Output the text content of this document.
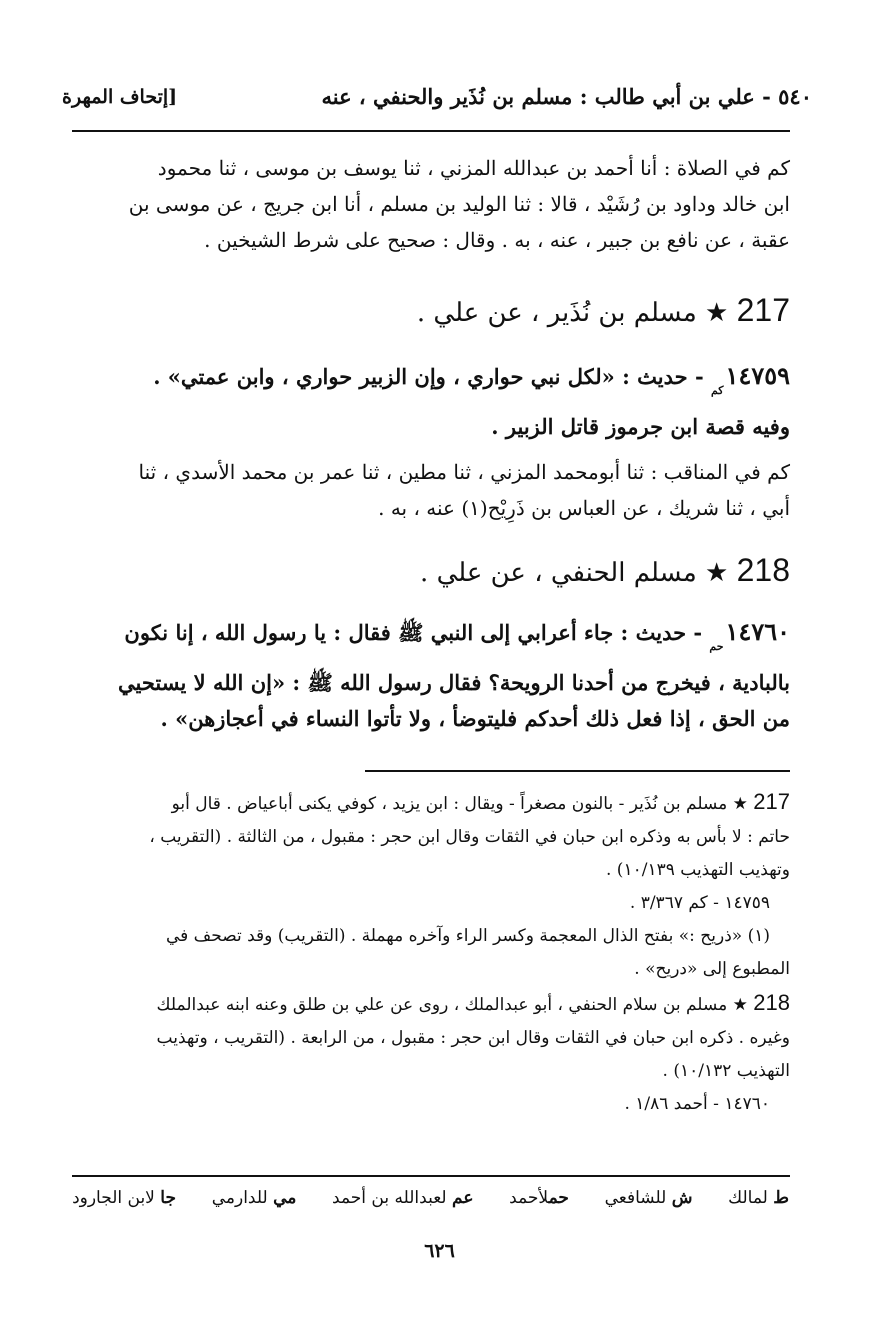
٥٤٠ - علي بن أبي طالب : مسلم بن نُذَير والحنفي ، عنه
[إتحاف المهرة
كم في الصلاة : أنا أحمد بن عبدالله المزني ، ثنا يوسف بن موسى ، ثنا محمود
ابن خالد وداود بن رُشَيْد ، قالا : ثنا الوليد بن مسلم ، أنا ابن جريج ، عن موسى بن
عقبة ، عن نافع بن جبير ، عنه ، به . وقال : صحيح على شرط الشيخين .
217 ★ مسلم بن نُذَير ، عن علي .
$١٤٧٥٩_{كم}$ - حديث : «لكل نبي حواري ، وإن الزبير حواري ، وابن عمتي» .
وفيه قصة ابن جرموز قاتل الزبير .
كم في المناقب : ثنا أبومحمد المزني ، ثنا مطين ، ثنا عمر بن محمد الأسدي ، ثنا
أبي ، ثنا شريك ، عن العباس بن ذَرِيْح(١) عنه ، به .
218 ★ مسلم الحنفي ، عن علي .
$١٤٧٦٠_{حم}$ - حديث : جاء أعرابي إلى النبي ﷺ فقال : يا رسول الله ، إنا نكون
بالبادية ، فيخرج من أحدنا الرويحة؟ فقال رسول الله ﷺ : «إن الله لا يستحيي
من الحق ، إذا فعل ذلك أحدكم فليتوضأ ، ولا تأتوا النساء في أعجازهن» .
217 ★ مسلم بن نُذَير - بالنون مصغراً - ويقال : ابن يزيد ، كوفي يكنى أباعياض . قال أبو
حاتم : لا بأس به وذكره ابن حبان في الثقات وقال ابن حجر : مقبول ، من الثالثة . (التقريب ،
وتهذيب التهذيب ١٠/١٣٩) .
١٤٧٥٩ - كم ٣/٣٦٧ .
(١) «ذريح :» بفتح الذال المعجمة وكسر الراء وآخره مهملة . (التقريب) وقد تصحف في
المطبوع إلى «دريح» .
218 ★ مسلم بن سلام الحنفي ، أبو عبدالملك ، روى عن علي بن طلق وعنه ابنه عبدالملك
وغيره . ذكره ابن حبان في الثقات وقال ابن حجر : مقبول ، من الرابعة . (التقريب ، وتهذيب
التهذيب ١٠/١٣٢) .
١٤٧٦٠ - أحمد ١/٨٦ .
ط لمالك
ش للشافعي
حملأحمد
عم لعبدالله بن أحمد
مي للدارمي
جا لابن الجارود
٦٢٦
